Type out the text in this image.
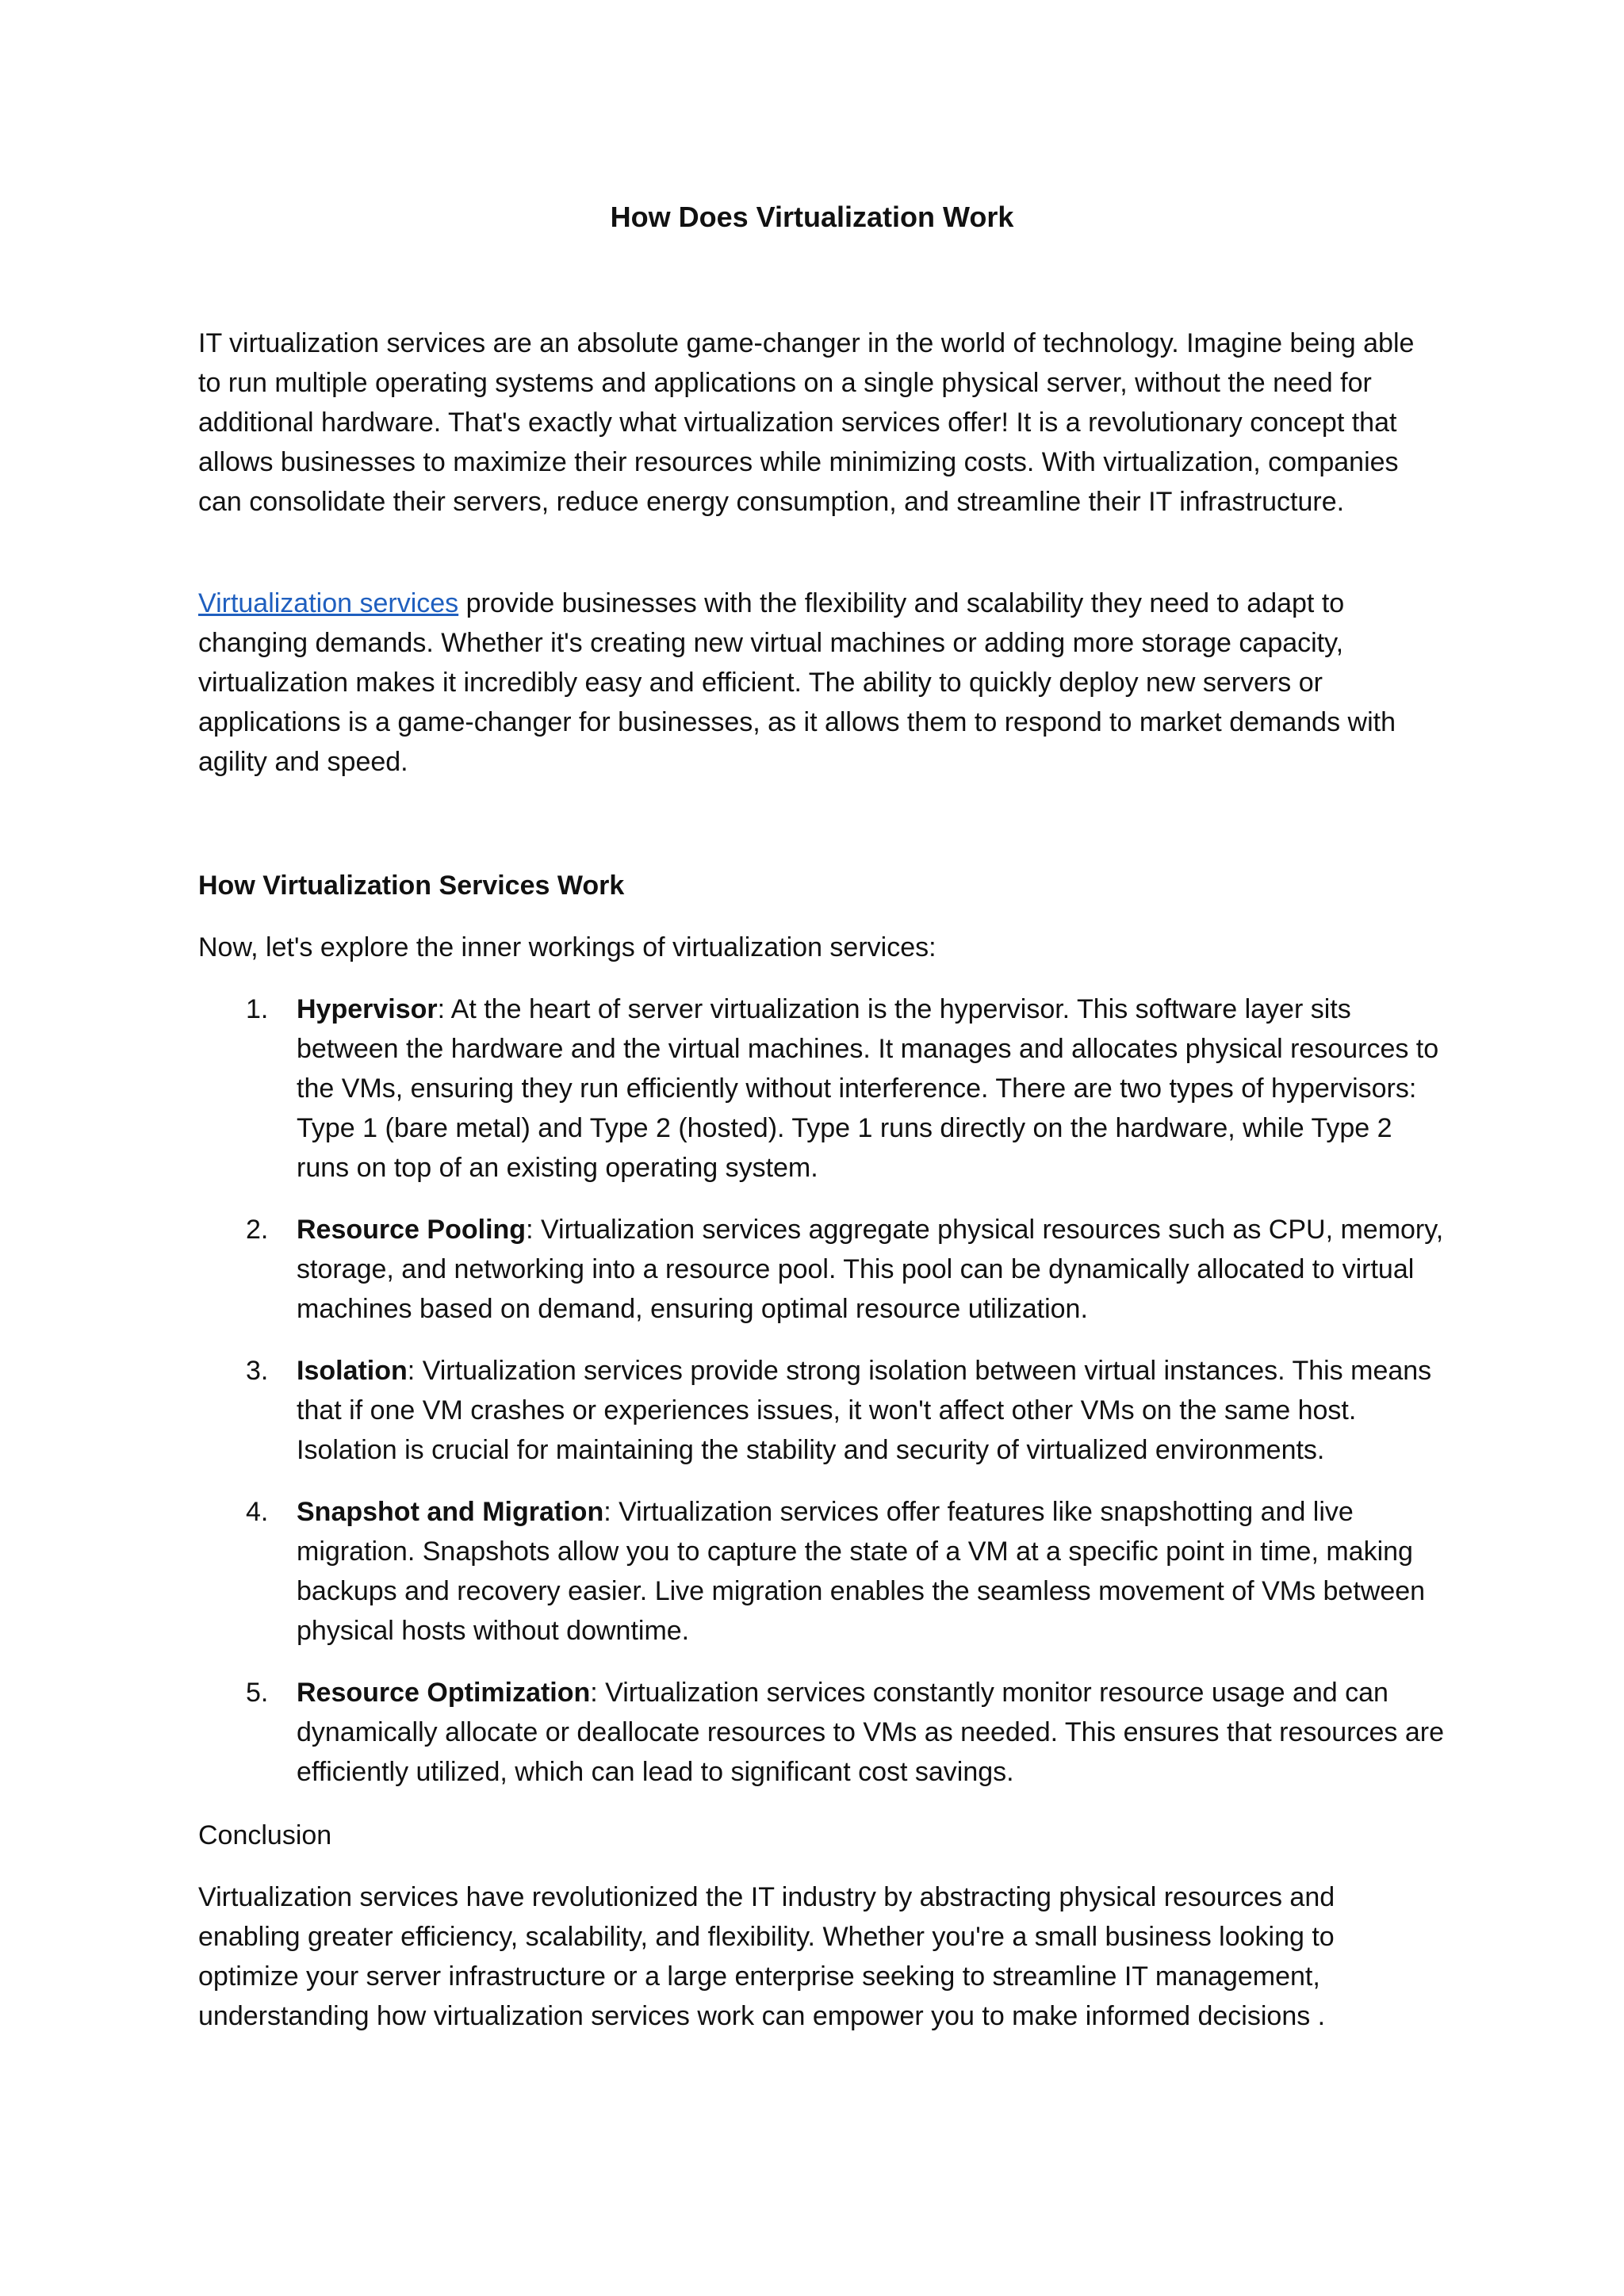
How Does Virtualization Work

IT virtualization services are an absolute game-changer in the world of technology. Imagine being able to run multiple operating systems and applications on a single physical server, without the need for additional hardware. That's exactly what virtualization services offer! It is a revolutionary concept that allows businesses to maximize their resources while minimizing costs. With virtualization, companies can consolidate their servers, reduce energy consumption, and streamline their IT infrastructure.

Virtualization services provide businesses with the flexibility and scalability they need to adapt to changing demands. Whether it's creating new virtual machines or adding more storage capacity, virtualization makes it incredibly easy and efficient. The ability to quickly deploy new servers or applications is a game-changer for businesses, as it allows them to respond to market demands with agility and speed.

How Virtualization Services Work

Now, let's explore the inner workings of virtualization services:

1. Hypervisor: At the heart of server virtualization is the hypervisor. This software layer sits between the hardware and the virtual machines. It manages and allocates physical resources to the VMs, ensuring they run efficiently without interference. There are two types of hypervisors: Type 1 (bare metal) and Type 2 (hosted). Type 1 runs directly on the hardware, while Type 2 runs on top of an existing operating system.
2. Resource Pooling: Virtualization services aggregate physical resources such as CPU, memory, storage, and networking into a resource pool. This pool can be dynamically allocated to virtual machines based on demand, ensuring optimal resource utilization.
3. Isolation: Virtualization services provide strong isolation between virtual instances. This means that if one VM crashes or experiences issues, it won't affect other VMs on the same host. Isolation is crucial for maintaining the stability and security of virtualized environments.
4. Snapshot and Migration: Virtualization services offer features like snapshotting and live migration. Snapshots allow you to capture the state of a VM at a specific point in time, making backups and recovery easier. Live migration enables the seamless movement of VMs between physical hosts without downtime.
5. Resource Optimization: Virtualization services constantly monitor resource usage and can dynamically allocate or deallocate resources to VMs as needed. This ensures that resources are efficiently utilized, which can lead to significant cost savings.

Conclusion

Virtualization services have revolutionized the IT industry by abstracting physical resources and enabling greater efficiency, scalability, and flexibility. Whether you're a small business looking to optimize your server infrastructure or a large enterprise seeking to streamline IT management, understanding how virtualization services work can empower you to make informed decisions .
